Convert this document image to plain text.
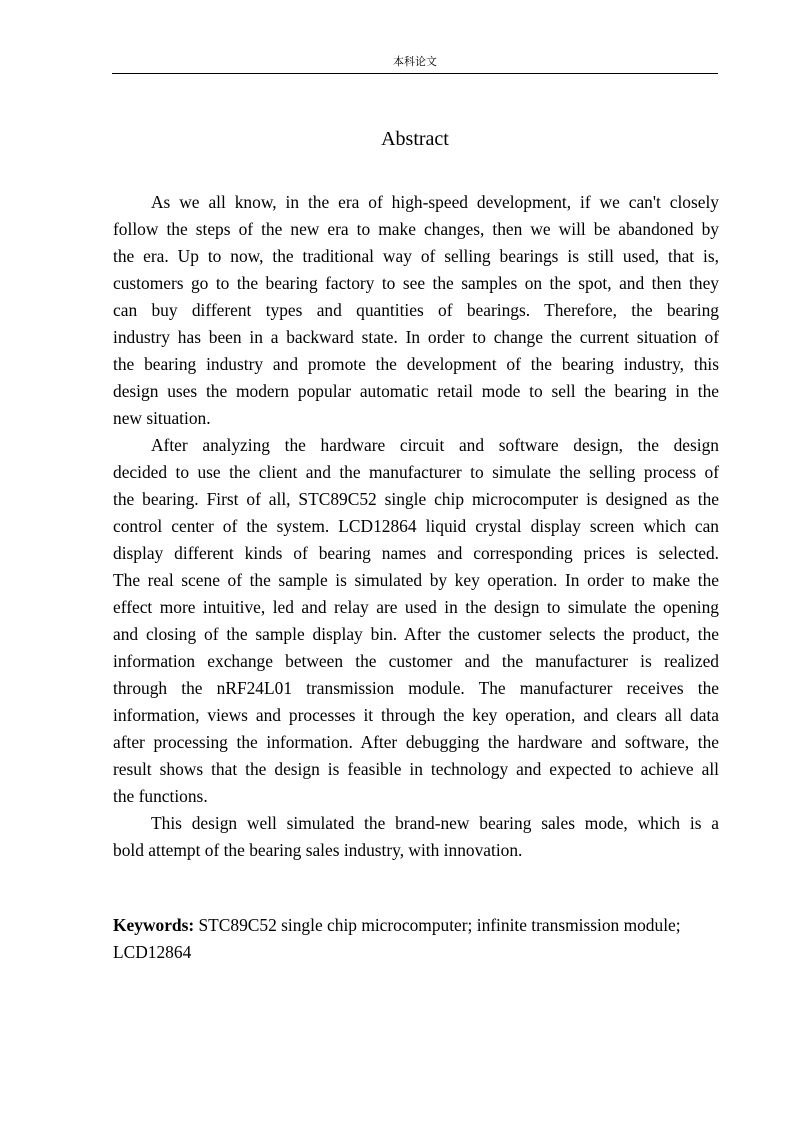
本科论文
Abstract
As we all know, in the era of high-speed development, if we can't closely
follow the steps of the new era to make changes, then we will be abandoned by
the era. Up to now, the traditional way of selling bearings is still used, that is,
customers go to the bearing factory to see the samples on the spot, and then they
can buy different types and quantities of bearings. Therefore, the bearing
industry has been in a backward state. In order to change the current situation of
the bearing industry and promote the development of the bearing industry, this
design uses the modern popular automatic retail mode to sell the bearing in the
new situation.
After analyzing the hardware circuit and software design, the design
decided to use the client and the manufacturer to simulate the selling process of
the bearing. First of all, STC89C52 single chip microcomputer is designed as the
control center of the system. LCD12864 liquid crystal display screen which can
display different kinds of bearing names and corresponding prices is selected.
The real scene of the sample is simulated by key operation. In order to make the
effect more intuitive, led and relay are used in the design to simulate the opening
and closing of the sample display bin. After the customer selects the product, the
information exchange between the customer and the manufacturer is realized
through the nRF24L01 transmission module. The manufacturer receives the
information, views and processes it through the key operation, and clears all data
after processing the information. After debugging the hardware and software, the
result shows that the design is feasible in technology and expected to achieve all
the functions.
This design well simulated the brand-new bearing sales mode, which is a
bold attempt of the bearing sales industry, with innovation.
Keywords: STC89C52 single chip microcomputer; infinite transmission module;
LCD12864
